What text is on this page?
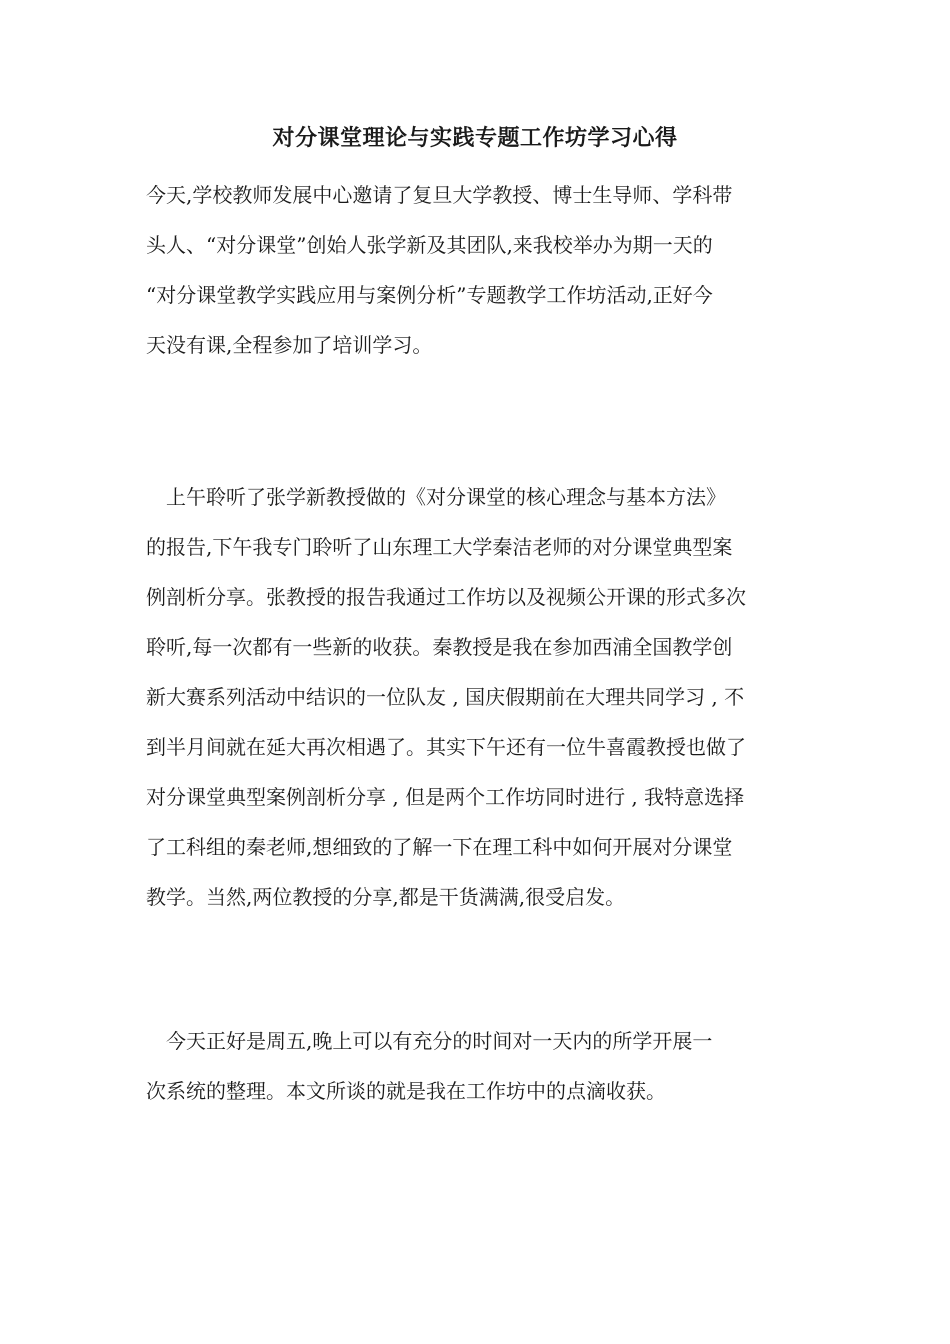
对分课堂理论与实践专题工作坊学习心得

今天,学校教师发展中心邀请了复旦大学教授、博士生导师、学科带
头人、“对分课堂”创始人张学新及其团队,来我校举办为期一天的
“对分课堂教学实践应用与案例分析”专题教学工作坊活动,正好今
天没有课,全程参加了培训学习。

　上午聆听了张学新教授做的《对分课堂的核心理念与基本方法》
的报告,下午我专门聆听了山东理工大学秦洁老师的对分课堂典型案
例剖析分享。张教授的报告我通过工作坊以及视频公开课的形式多次
聆听,每一次都有一些新的收获。秦教授是我在参加西浦全国教学创
新大赛系列活动中结识的一位队友 , 国庆假期前在大理共同学习 , 不
到半月间就在延大再次相遇了。其实下午还有一位牛喜霞教授也做了
对分课堂典型案例剖析分享 , 但是两个工作坊同时进行 , 我特意选择
了工科组的秦老师,想细致的了解一下在理工科中如何开展对分课堂
教学。当然,两位教授的分享,都是干货满满,很受启发。

　今天正好是周五,晚上可以有充分的时间对一天内的所学开展一
次系统的整理。本文所谈的就是我在工作坊中的点滴收获。
